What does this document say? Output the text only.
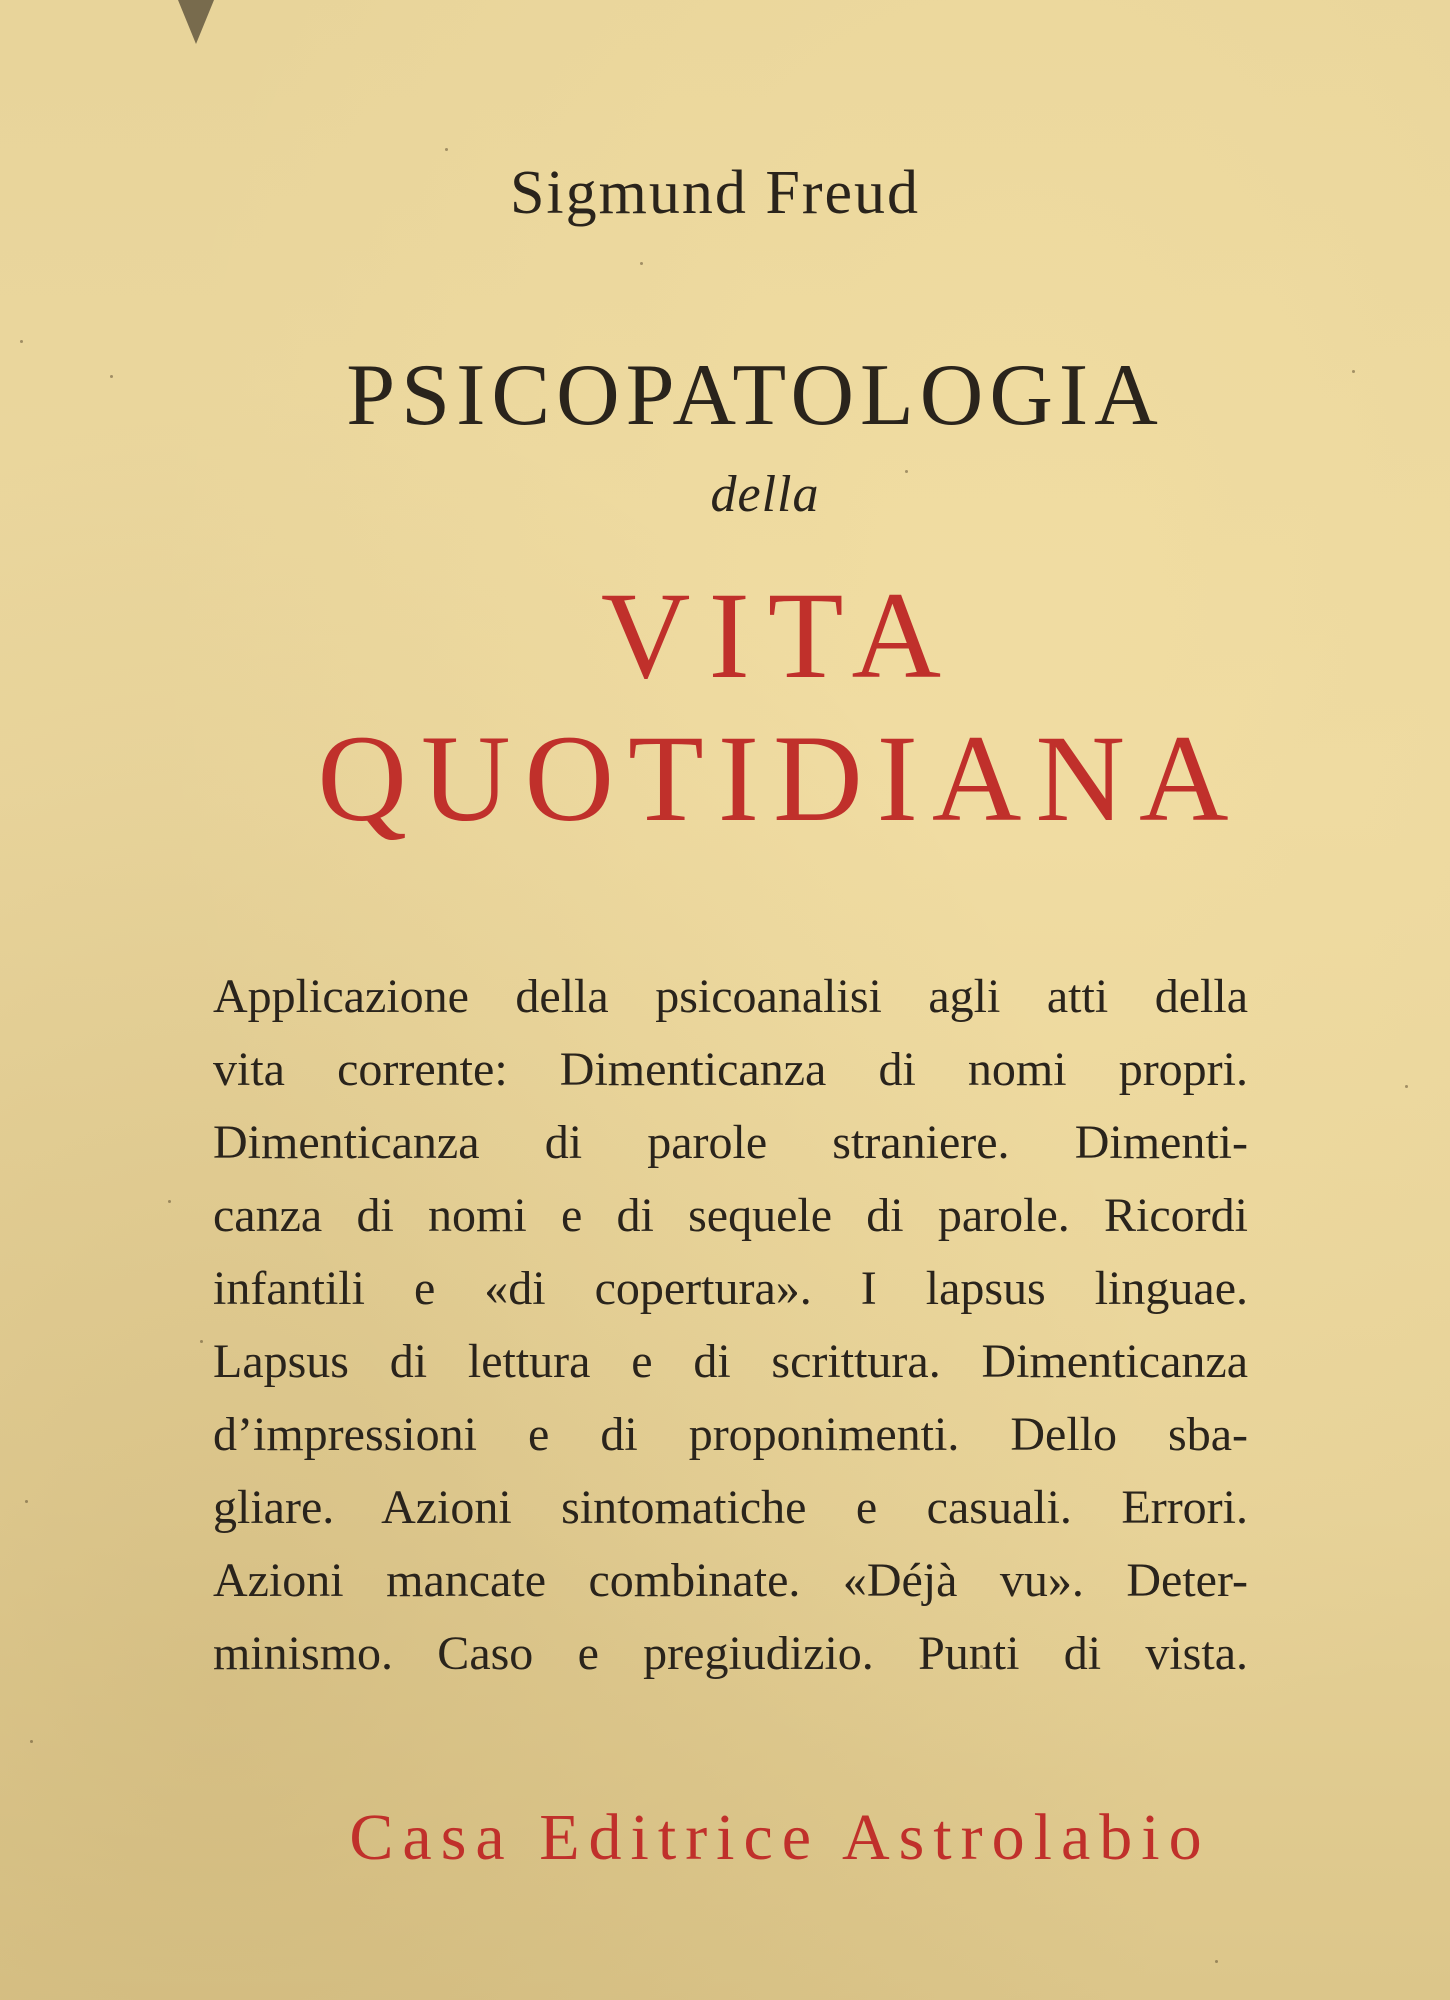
Sigmund Freud
PSICOPATOLOGIA
della
VITA
QUOTIDIANA
Applicazione della psicoanalisi agli atti della
vita corrente: Dimenticanza di nomi propri.
Dimenticanza di parole straniere. Dimenti-
canza di nomi e di sequele di parole. Ricordi
infantili e «di copertura». I lapsus linguae.
Lapsus di lettura e di scrittura. Dimenticanza
d’impressioni e di proponimenti. Dello sba-
gliare. Azioni sintomatiche e casuali. Errori.
Azioni mancate combinate. «Déjà vu». Deter-
minismo. Caso e pregiudizio. Punti di vista.
Casa Editrice Astrolabio
